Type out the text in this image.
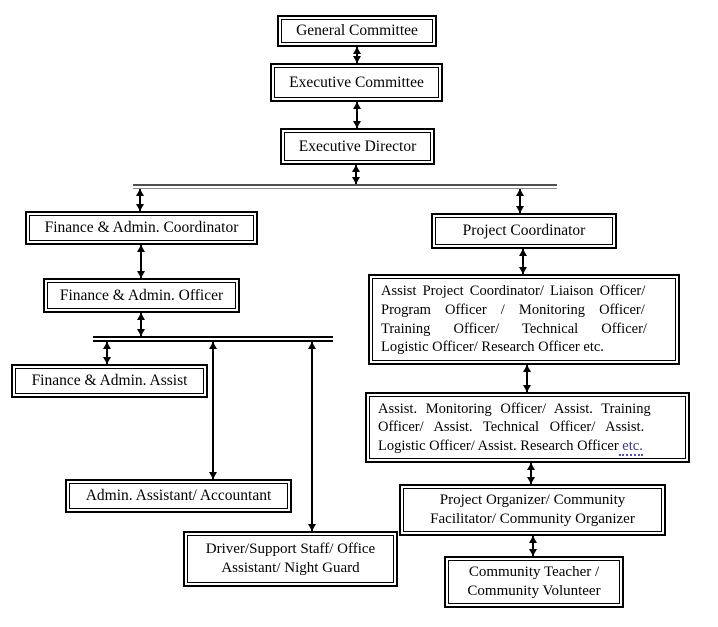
General Committee
Executive Committee
Executive Director
Finance & Admin. Coordinator
Finance & Admin. Officer
Finance & Admin. Assist
Admin. Assistant/ Accountant
Driver/Support Staff/ Office
Assistant/ Night Guard
Project Coordinator
Assist Project Coordinator/ Liaison Officer/
Program Officer / Monitoring Officer/
Training Officer/ Technical Officer/
Logistic Officer/ Research Officer etc.
Assist. Monitoring Officer/ Assist. Training
Officer/ Assist. Technical Officer/ Assist.
Logistic Officer/ Assist. Research Officer etc.
Project Organizer/ Community
Facilitator/ Community Organizer
Community Teacher /
Community Volunteer
